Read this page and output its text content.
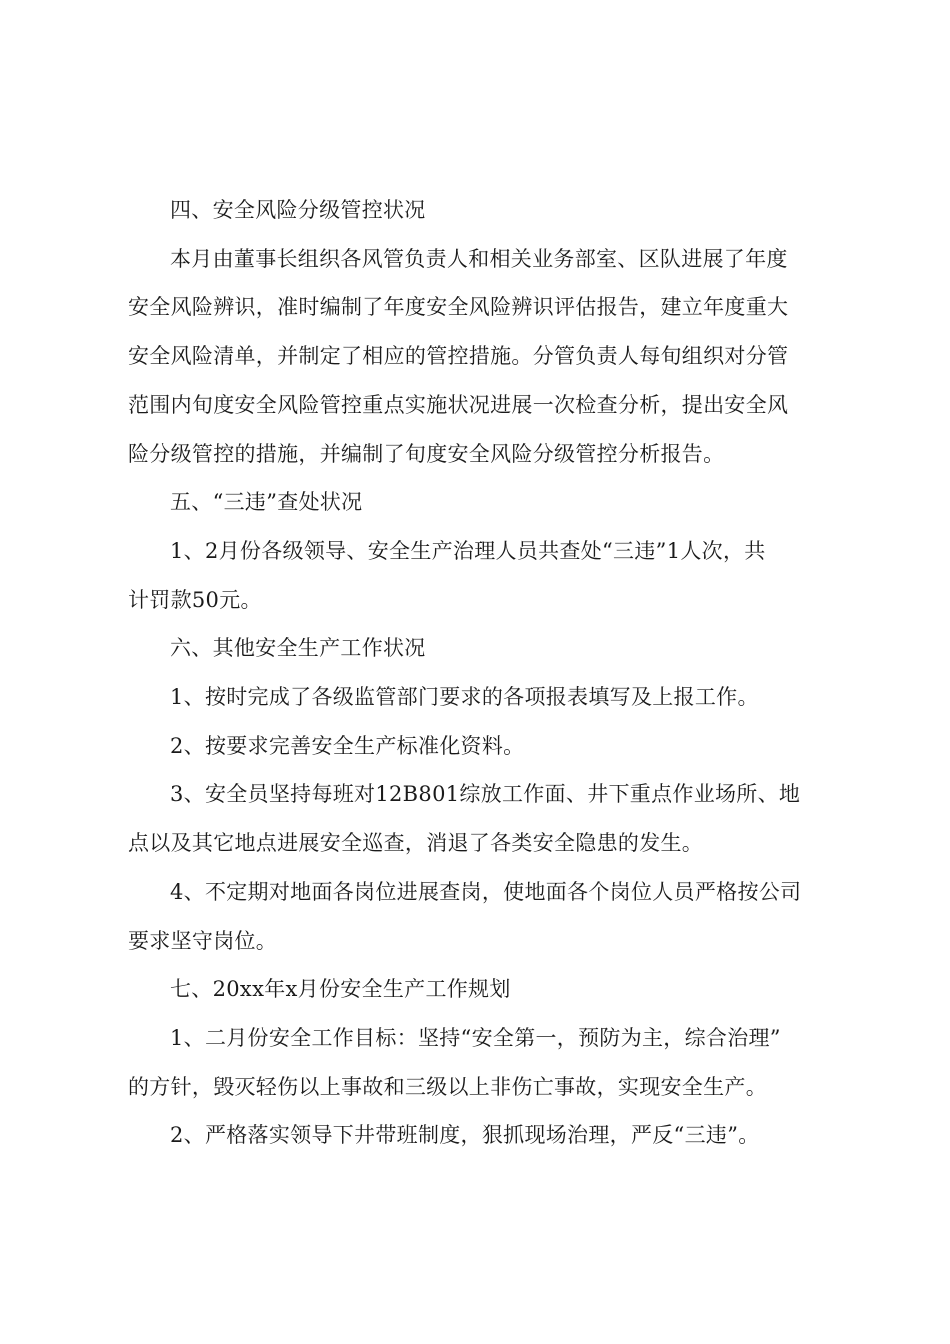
四、安全风险分级管控状况
本月由董事长组织各风管负责人和相关业务部室、区队进展了年度
安全风险辨识，准时编制了年度安全风险辨识评估报告，建立年度重大
安全风险清单，并制定了相应的管控措施。分管负责人每旬组织对分管
范围内旬度安全风险管控重点实施状况进展一次检查分析，提出安全风
险分级管控的措施，并编制了旬度安全风险分级管控分析报告。
五、“三违”查处状况
1、2月份各级领导、安全生产治理人员共查处“三违”1人次，共
计罚款50元。
六、其他安全生产工作状况
1、按时完成了各级监管部门要求的各项报表填写及上报工作。
2、按要求完善安全生产标准化资料。
3、安全员坚持每班对12B801综放工作面、井下重点作业场所、地
点以及其它地点进展安全巡查，消退了各类安全隐患的发生。
4、不定期对地面各岗位进展查岗，使地面各个岗位人员严格按公司
要求坚守岗位。
七、20xx年x月份安全生产工作规划
1、二月份安全工作目标：坚持“安全第一，预防为主，综合治理”
的方针，毁灭轻伤以上事故和三级以上非伤亡事故，实现安全生产。
2、严格落实领导下井带班制度，狠抓现场治理，严反“三违”。
